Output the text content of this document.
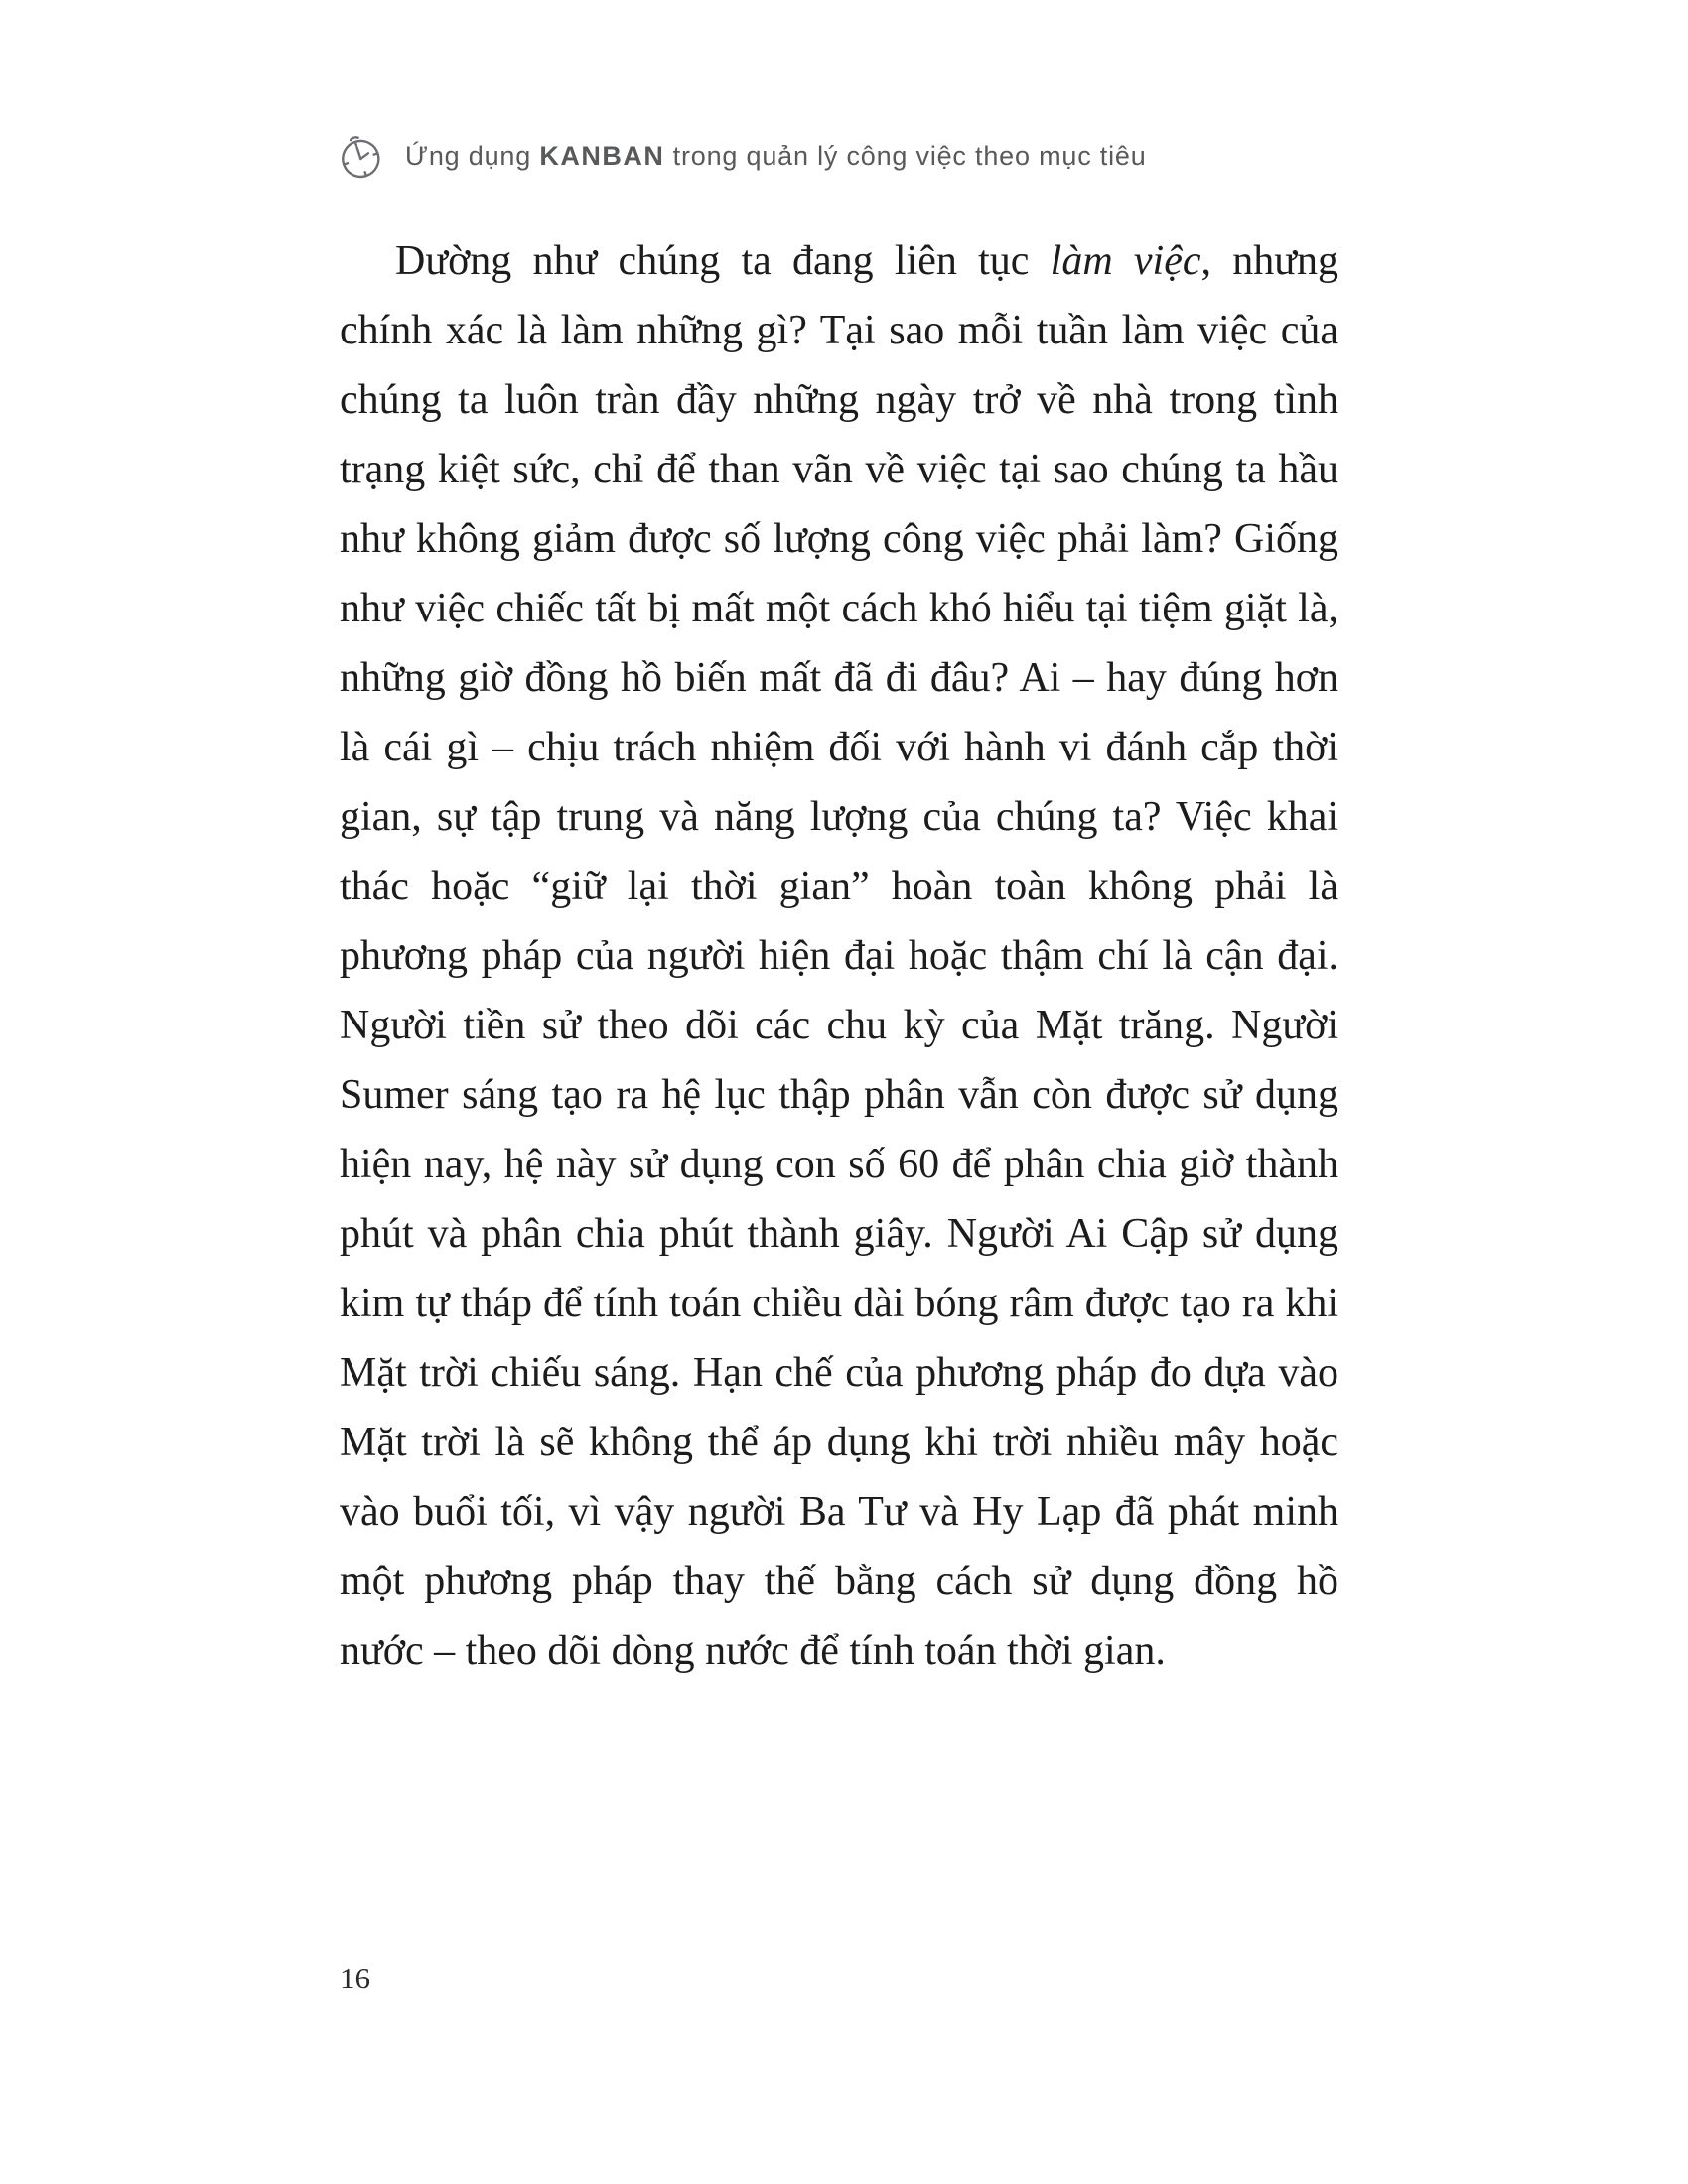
Ứng dụng KANBAN trong quản lý công việc theo mục tiêu

Dường như chúng ta đang liên tục làm việc, nhưng chính xác là làm những gì? Tại sao mỗi tuần làm việc của chúng ta luôn tràn đầy những ngày trở về nhà trong tình trạng kiệt sức, chỉ để than vãn về việc tại sao chúng ta hầu như không giảm được số lượng công việc phải làm? Giống như việc chiếc tất bị mất một cách khó hiểu tại tiệm giặt là, những giờ đồng hồ biến mất đã đi đâu? Ai – hay đúng hơn là cái gì – chịu trách nhiệm đối với hành vi đánh cắp thời gian, sự tập trung và năng lượng của chúng ta? Việc khai thác hoặc “giữ lại thời gian” hoàn toàn không phải là phương pháp của người hiện đại hoặc thậm chí là cận đại. Người tiền sử theo dõi các chu kỳ của Mặt trăng. Người Sumer sáng tạo ra hệ lục thập phân vẫn còn được sử dụng hiện nay, hệ này sử dụng con số 60 để phân chia giờ thành phút và phân chia phút thành giây. Người Ai Cập sử dụng kim tự tháp để tính toán chiều dài bóng râm được tạo ra khi Mặt trời chiếu sáng. Hạn chế của phương pháp đo dựa vào Mặt trời là sẽ không thể áp dụng khi trời nhiều mây hoặc vào buổi tối, vì vậy người Ba Tư và Hy Lạp đã phát minh một phương pháp thay thế bằng cách sử dụng đồng hồ nước – theo dõi dòng nước để tính toán thời gian.

16
